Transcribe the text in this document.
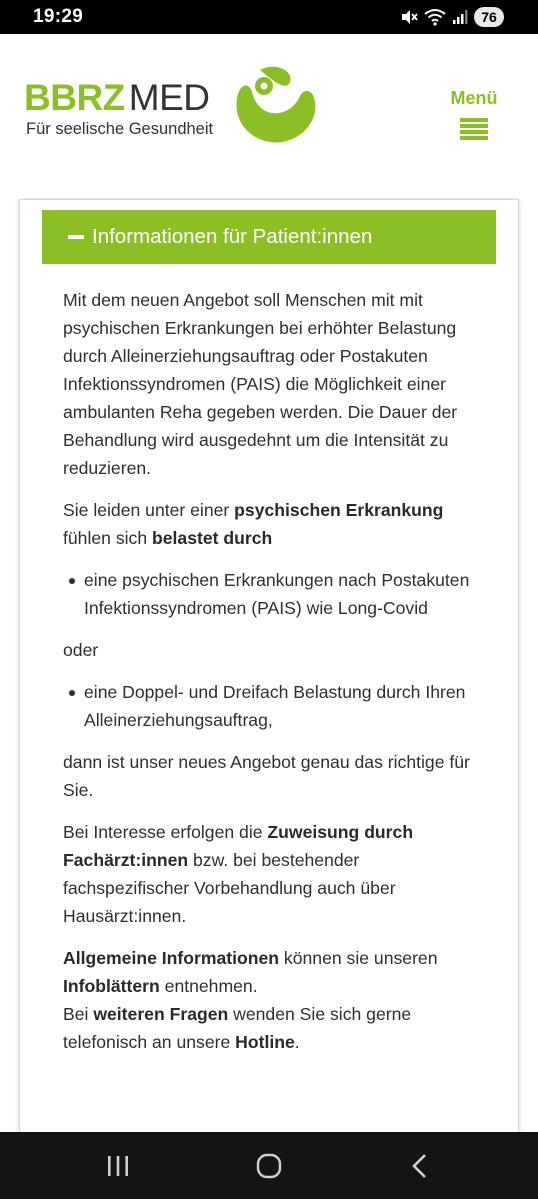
19:29	76
BBRZ MED
Für seelische Gesundheit
Menü
Informationen für Patient:innen

Mit dem neuen Angebot soll Menschen mit mit psychischen Erkrankungen bei erhöhter Belastung durch Alleinerziehungsauftrag oder Postakuten Infektionssyndromen (PAIS) die Möglichkeit einer ambulanten Reha gegeben werden. Die Dauer der Behandlung wird ausgedehnt um die Intensität zu reduzieren.

Sie leiden unter einer psychischen Erkrankung
fühlen sich belastet durch

eine psychischen Erkrankungen nach Postakuten Infektionssyndromen (PAIS) wie Long-Covid

oder

eine Doppel- und Dreifach Belastung durch Ihren Alleinerziehungsauftrag,

dann ist unser neues Angebot genau das richtige für Sie.

Bei Interesse erfolgen die Zuweisung durch Fachärzt:innen bzw. bei bestehender fachspezifischer Vorbehandlung auch über Hausärzt:innen.

Allgemeine Informationen können sie unseren
Infoblättern entnehmen.
Bei weiteren Fragen wenden Sie sich gerne telefonisch an unsere Hotline.
